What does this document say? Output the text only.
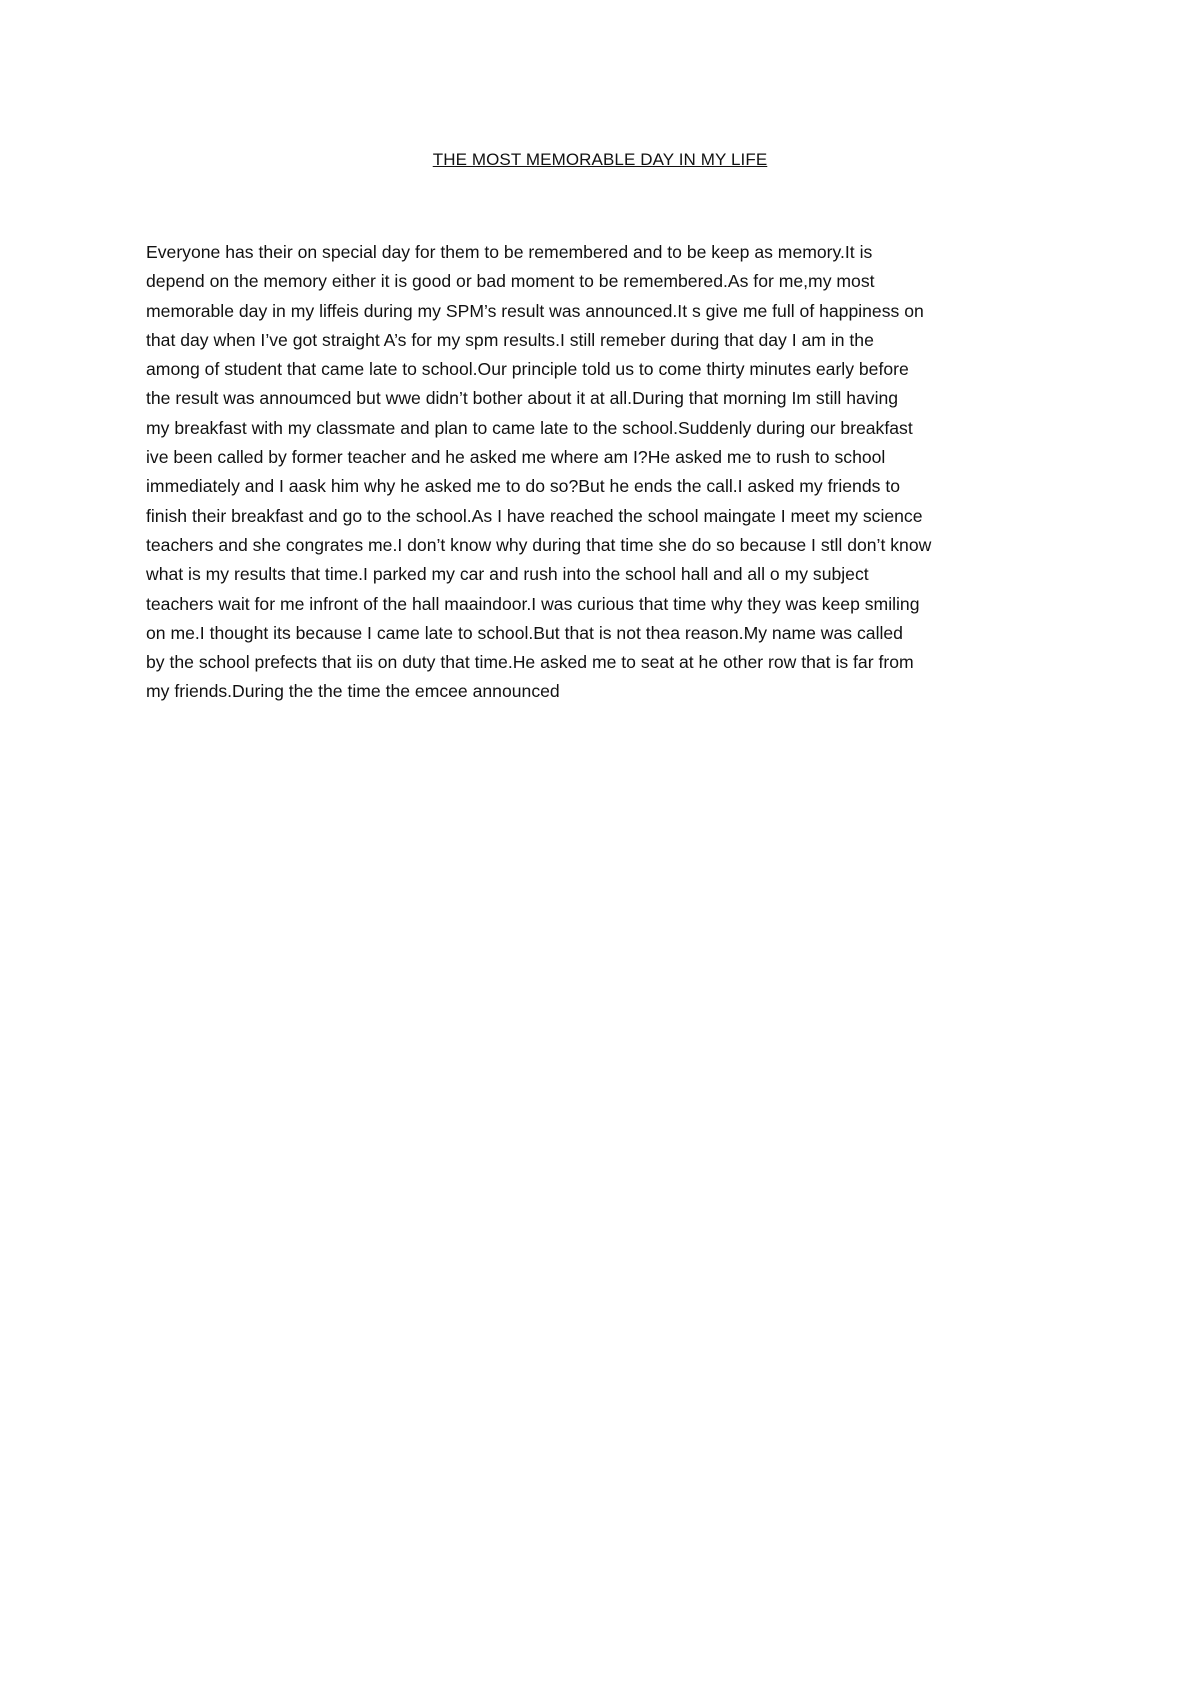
THE MOST MEMORABLE DAY IN MY LIFE
Everyone has their on special day for them to be remembered and to be keep as memory.It is
depend on the memory either it is good or bad moment to be remembered.As for me,my most
memorable day in my liffeis during my SPM’s result was announced.It s give me full of happiness on
that day when I’ve got straight A’s for my spm results.I still remeber during that day I am in the
among of student that came late to school.Our principle told us to come thirty minutes early before
the result was annoumced but wwe didn’t bother about it at all.During that morning Im still having
my breakfast with my classmate and plan to came late to the school.Suddenly during our breakfast
ive been called by former teacher and he asked me where am I?He asked me to rush to school
immediately and I aask him why he asked me to do so?But he ends the call.I asked my friends to
finish their breakfast and go to the school.As I have reached the school maingate I meet my science
teachers and she congrates me.I don’t know why during that time she do so because I stll don’t know
what is my results that time.I parked my car and rush into the school hall and all o my subject
teachers wait for me infront of the hall maaindoor.I was curious that time why they was keep smiling
on me.I thought its because I came late to school.But that is not thea reason.My name was called
by the school prefects that iis on duty that time.He asked me to seat at he other row that is far from
my friends.During the the time the emcee announced
